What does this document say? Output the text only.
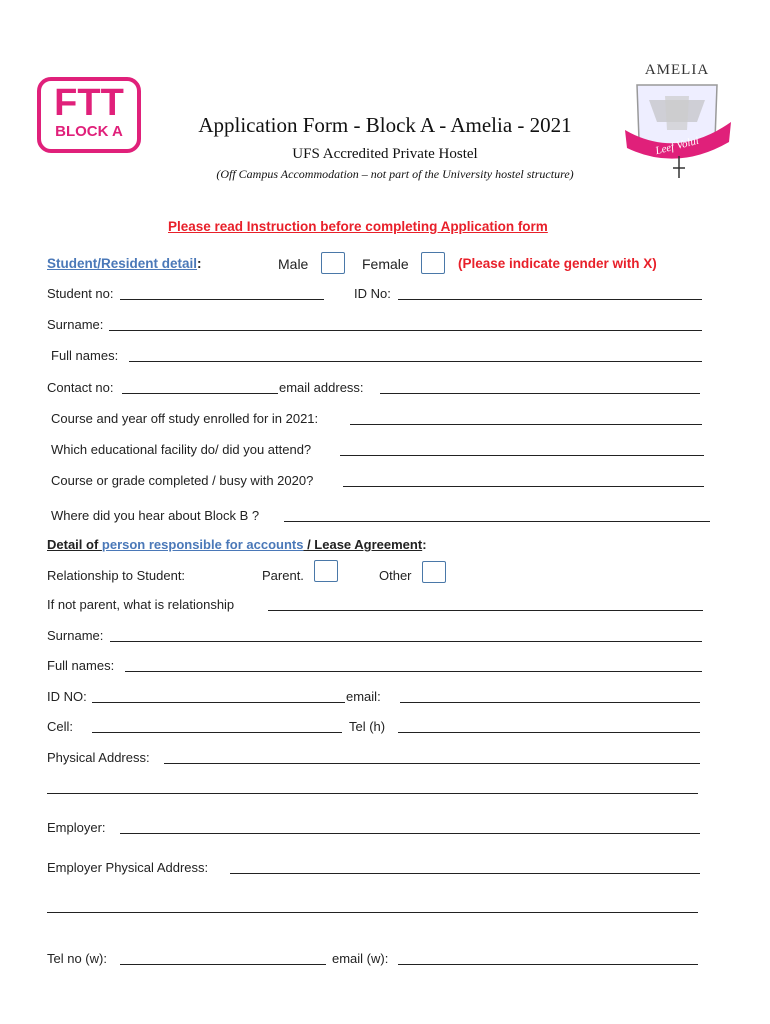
FTT
BLOCK A
AMELIA
Leef Volui
Application Form - Block A - Amelia - 2021
UFS Accredited Private Hostel
(Off Campus Accommodation – not part of the University hostel structure)
Please read Instruction before completing Application form
Student/Resident detail:	Male	Female	(Please indicate gender with X)
Student no:	ID No:
Surname:
Full names:
Contact no:	email address:
Course and year off study enrolled for in 2021:
Which educational facility do/ did you attend?
Course or grade completed / busy with 2020?
Where did you hear about Block B ?
Detail of person responsible for accounts / Lease Agreement:
Relationship to Student:	Parent.	Other
If not parent, what is relationship
Surname:
Full names:
ID NO:	email:
Cell:	Tel (h)
Physical Address:
Employer:
Employer Physical Address:
Tel no (w):	email (w):
